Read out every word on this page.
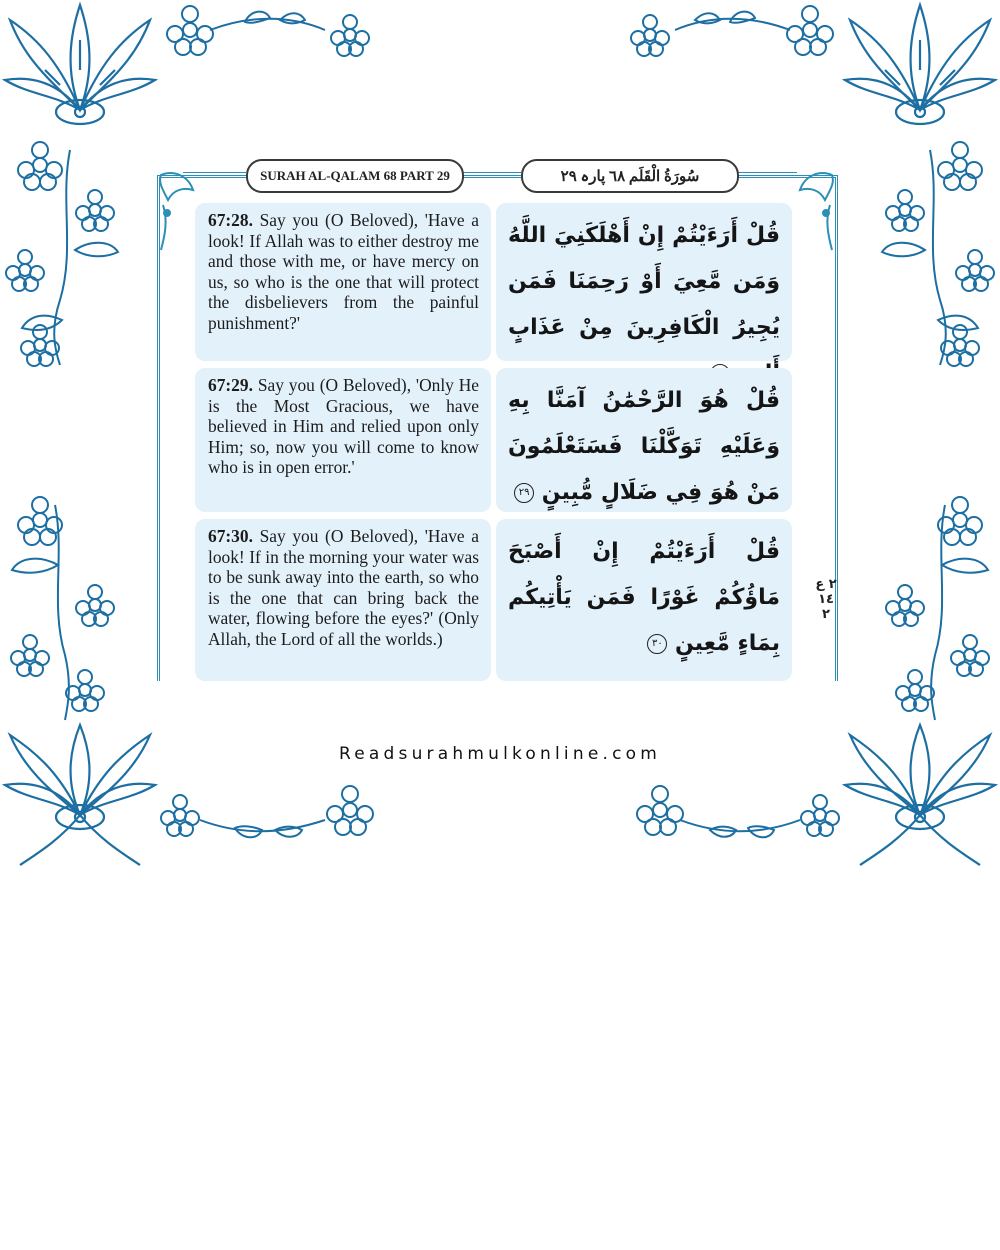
SURAH AL-QALAM 68 PART 29	سُورَةُ الْقَلَم ٦٨ پارہ ٢٩
67:28. Say you (O Beloved), 'Have a look! If Allah was to either destroy me and those with me, or have mercy on us, so who is the one that will protect the disbelievers from the painful punishment?'
قُلْ أَرَءَيْتُمْ إِنْ أَهْلَكَنِيَ اللَّهُ وَمَن مَّعِيَ أَوْ رَحِمَنَا فَمَن يُجِيرُ الْكَافِرِينَ مِنْ عَذَابٍ
67:29. Say you (O Beloved), 'Only He is the Most Gracious, we have believed in Him and relied upon only Him; so, now you will come to know who is in open error.'
قُلْ هُوَ الرَّحْمَٰنُ آمَنَّا بِهِ وَعَلَيْهِ تَوَكَّلْنَا فَسَتَعْلَمُونَ مَنْ هُوَ فِي ضَلَالٍ مُّبِينٍ ٢٩
67:30. Say you (O Beloved), 'Have a look! If in the morning your water was to be sunk away into the earth, so who is the one that can bring back the water, flowing before the eyes?' (Only Allah, the Lord of all the worlds.)
قُلْ أَرَءَيْتُمْ إِنْ أَصْبَحَ مَاؤُكُمْ غَوْرًا فَمَن يَأْتِيكُم بِمَاءٍ مَّعِينٍ ٣٠
٢ ع ١٤ ٢
Readsurahmulkonline.com
